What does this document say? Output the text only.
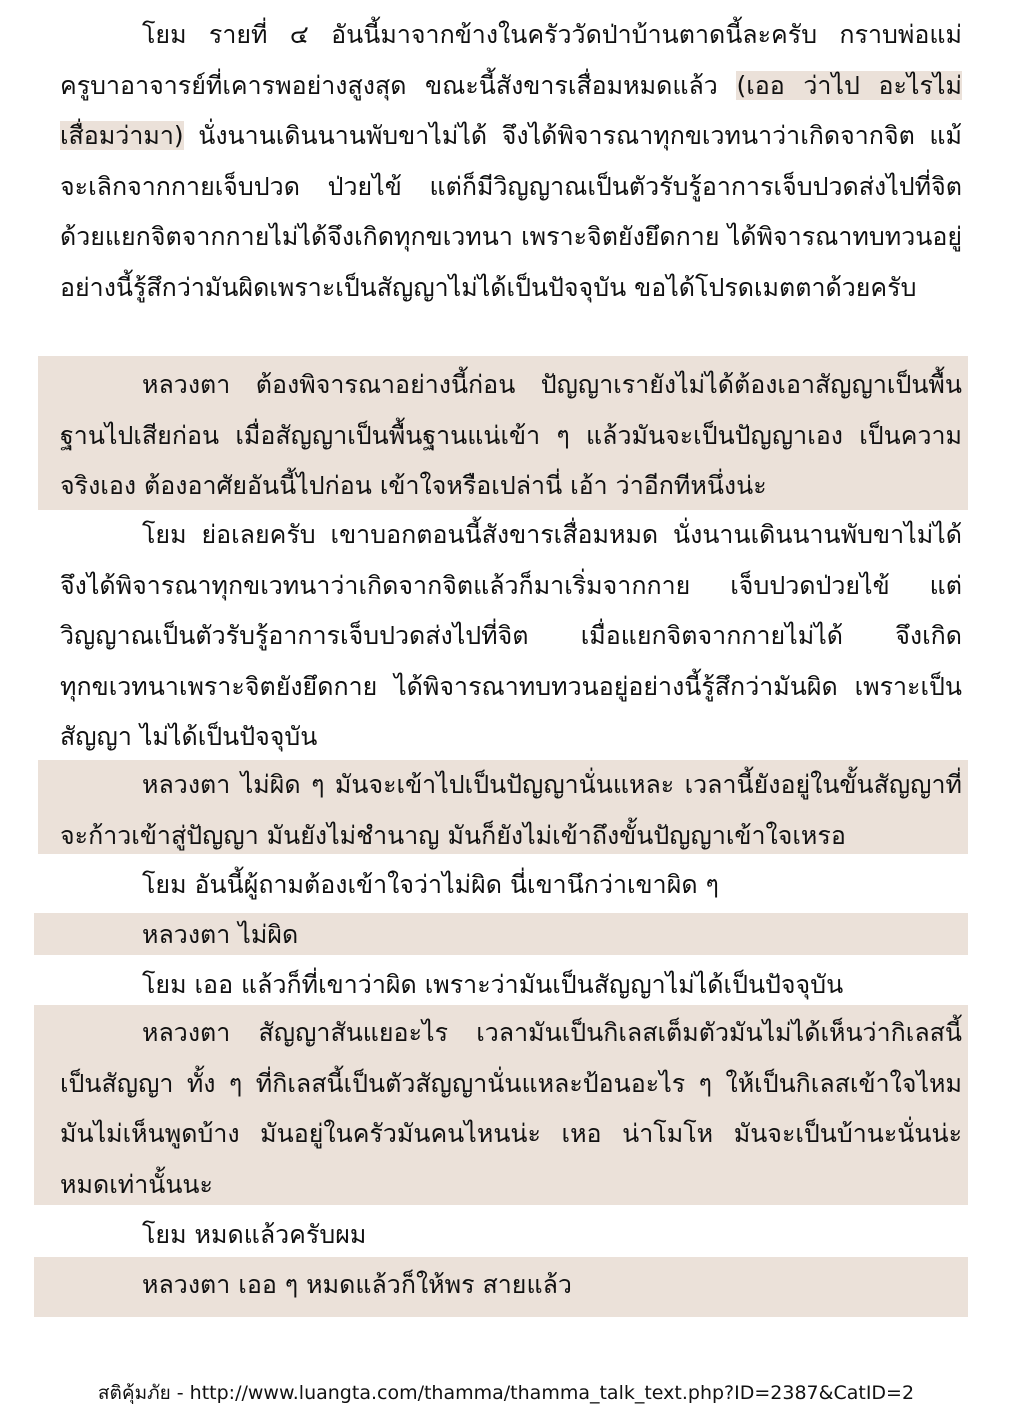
โยม รายที่ ๔ อันนี้มาจากข้างในครัววัดป่าบ้านตาดนี้ละครับ กราบพ่อแม่ครูบาอาจารย์ที่เคารพอย่างสูงสุด ขณะนี้สังขารเสื่อมหมดแล้ว (เออ ว่าไป อะไรไม่เสื่อมว่ามา) นั่งนานเดินนานพับขาไม่ได้ จึงได้พิจารณาทุกขเวทนาว่าเกิดจากจิต แม้จะเลิกจากกายเจ็บปวด ป่วยไข้ แต่ก็มีวิญญาณเป็นตัวรับรู้อาการเจ็บปวดส่งไปที่จิต ด้วยแยกจิตจากกายไม่ได้จึงเกิดทุกขเวทนา เพราะจิตยังยึดกาย ได้พิจารณาทบทวนอยู่อย่างนี้รู้สึกว่ามันผิดเพราะเป็นสัญญาไม่ได้เป็นปัจจุบัน ขอได้โปรดเมตตาด้วยครับ

หลวงตา ต้องพิจารณาอย่างนี้ก่อน ปัญญาเรายังไม่ได้ต้องเอาสัญญาเป็นพื้นฐานไปเสียก่อน เมื่อสัญญาเป็นพื้นฐานแน่เข้า ๆ แล้วมันจะเป็นปัญญาเอง เป็นความจริงเอง ต้องอาศัยอันนี้ไปก่อน เข้าใจหรือเปล่านี่ เอ้า ว่าอีกทีหนึ่งน่ะ

โยม ย่อเลยครับ เขาบอกตอนนี้สังขารเสื่อมหมด นั่งนานเดินนานพับขาไม่ได้ จึงได้พิจารณาทุกขเวทนาว่าเกิดจากจิตแล้วก็มาเริ่มจากกาย เจ็บปวดป่วยไข้ แต่วิญญาณเป็นตัวรับรู้อาการเจ็บปวดส่งไปที่จิต เมื่อแยกจิตจากกายไม่ได้ จึงเกิดทุกขเวทนาเพราะจิตยังยึดกาย ได้พิจารณาทบทวนอยู่อย่างนี้รู้สึกว่ามันผิด เพราะเป็นสัญญา ไม่ได้เป็นปัจจุบัน

หลวงตา ไม่ผิด ๆ มันจะเข้าไปเป็นปัญญานั่นแหละ เวลานี้ยังอยู่ในขั้นสัญญาที่จะก้าวเข้าสู่ปัญญา มันยังไม่ชำนาญ มันก็ยังไม่เข้าถึงขั้นปัญญาเข้าใจเหรอ

โยม อันนี้ผู้ถามต้องเข้าใจว่าไม่ผิด นี่เขานึกว่าเขาผิด ๆ

หลวงตา ไม่ผิด

โยม เออ แล้วก็ที่เขาว่าผิด เพราะว่ามันเป็นสัญญาไม่ได้เป็นปัจจุบัน

หลวงตา สัญญาสันแยอะไร เวลามันเป็นกิเลสเต็มตัวมันไม่ได้เห็นว่ากิเลสนี้เป็นสัญญา ทั้ง ๆ ที่กิเลสนี้เป็นตัวสัญญานั่นแหละป้อนอะไร ๆ ให้เป็นกิเลสเข้าใจไหม มันไม่เห็นพูดบ้าง มันอยู่ในครัวมันคนไหนน่ะ เหอ น่าโมโห มันจะเป็นบ้านะนั่นน่ะ หมดเท่านั้นนะ

โยม หมดแล้วครับผม

หลวงตา เออ ๆ หมดแล้วก็ให้พร สายแล้ว

สติคุ้มภัย - http://www.luangta.com/thamma/thamma_talk_text.php?ID=2387&CatID=2
